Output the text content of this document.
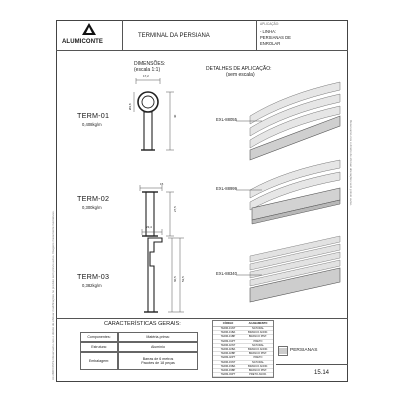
Reservamo-nos o direito de efetuar alterações sem prévio aviso.
ALUMICONTE Reservamo-nos o direito de efetuar modificações no produto sem prévio aviso. Imagens meramente ilustrativas.
ALUMICONTE
TERMINAL DA PERSIANA
APLICAÇÃO:
- LINHA:
PERSIANAS DE
ENROLAR
DIMENSÕES:
(escala 1:1)	DETALHES DE APLICAÇÃO:
(sem escala)
TERM-01
0,408kg/m
17,2
40
Ø9,8
TERM-02
0,300kg/m
15
27,5
TERM-03
0,382kg/m
23,4
60,5 52,5
EXL-88055
EXL-88999
EXL-88340
CARACTERÍSTICAS GERAIS:
Componentes:	Matéria-prima:
Estrutura:	Alumínio
Embalagem:
Barras de 6 metros
Pacotes de 18 peças
CÓDIGO	ACABAMENTO
TERM-01NT	NATURAL
TERM-01BA	BRANCO ANOD.
TERM-01BP	BRANCO PINT.
TERM-01PT	PRETO
TERM-02NT	NATURAL
TERM-02BA	BRANCO ANOD.
TERM-02BP	BRANCO PINT.
TERM-02PT	PRETO
TERM-03NT	NATURAL
TERM-03BA	BRANCO ANOD.
TERM-03BP	BRANCO PINT.
TERM-03PT	PRETO ANOD.
PERSIANAS
15.14
